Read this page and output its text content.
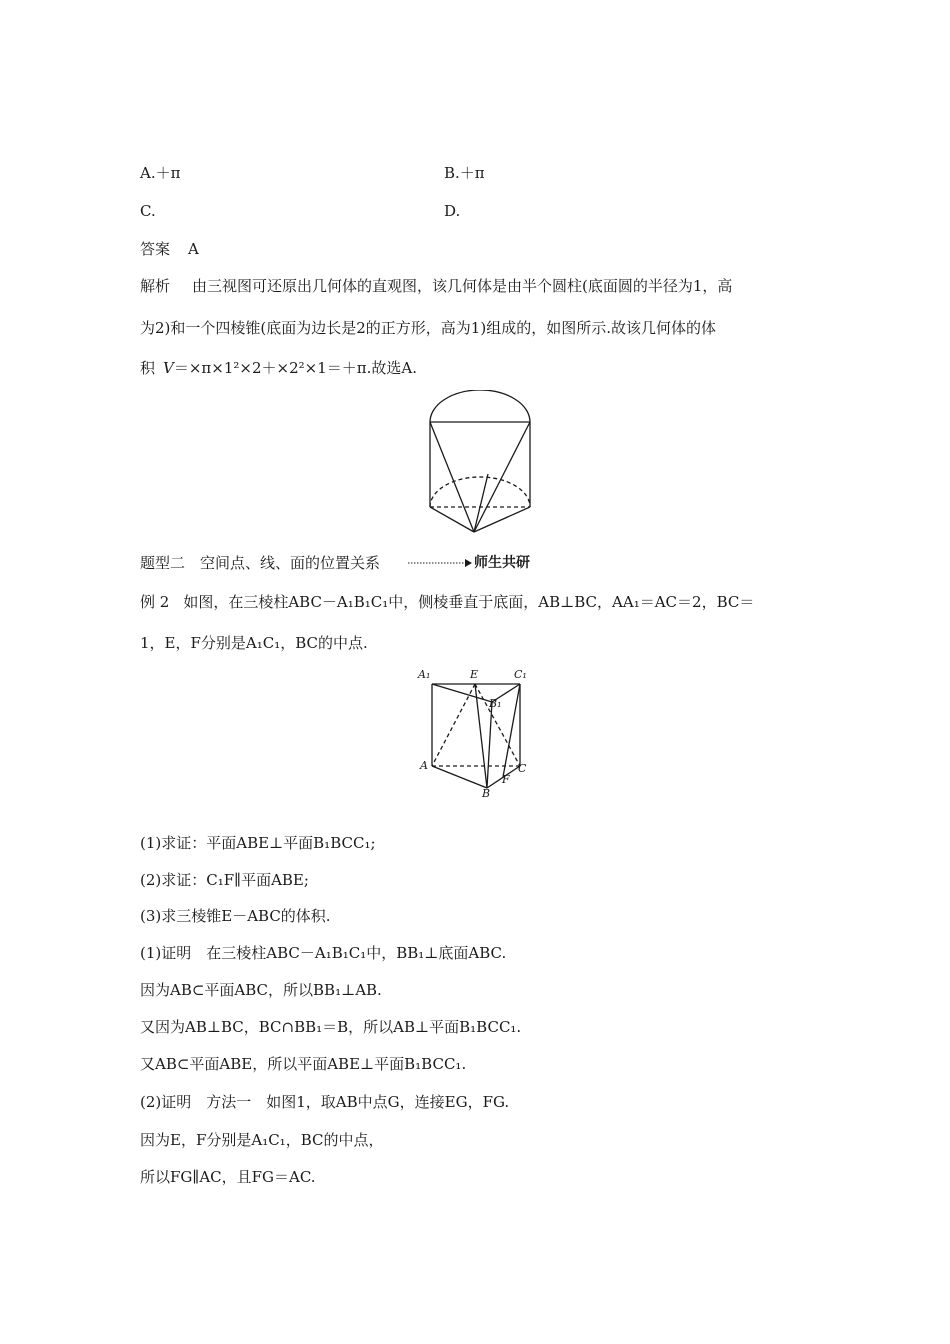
A.＋π	B.＋π
C.	D.
答案 A
解析 由三视图可还原出几何体的直观图，该几何体是由半个圆柱(底面圆的半径为1，高
为2)和一个四棱锥(底面为边长是2的正方形，高为1)组成的，如图所示.故该几何体的体
积 V＝×π×1²×2＋×2²×1＝＋π.故选A.
题型二　空间点、线、面的位置关系	师生共研
例 2 如图，在三棱柱ABC－A₁B₁C₁中，侧棱垂直于底面，AB⊥BC，AA₁＝AC＝2，BC＝
1，E，F分别是A₁C₁，BC的中点.
A₁	E	C₁
B₁
A	C
F
B
(1)求证：平面ABE⊥平面B₁BCC₁;
(2)求证：C₁F∥平面ABE;
(3)求三棱锥E－ABC的体积.
(1)证明　在三棱柱ABC－A₁B₁C₁中，BB₁⊥底面ABC.
因为AB⊂平面ABC，所以BB₁⊥AB.
又因为AB⊥BC，BC∩BB₁＝B，所以AB⊥平面B₁BCC₁.
又AB⊂平面ABE，所以平面ABE⊥平面B₁BCC₁.
(2)证明　方法一　如图1，取AB中点G，连接EG，FG.
因为E，F分别是A₁C₁，BC的中点，
所以FG∥AC，且FG＝AC.
